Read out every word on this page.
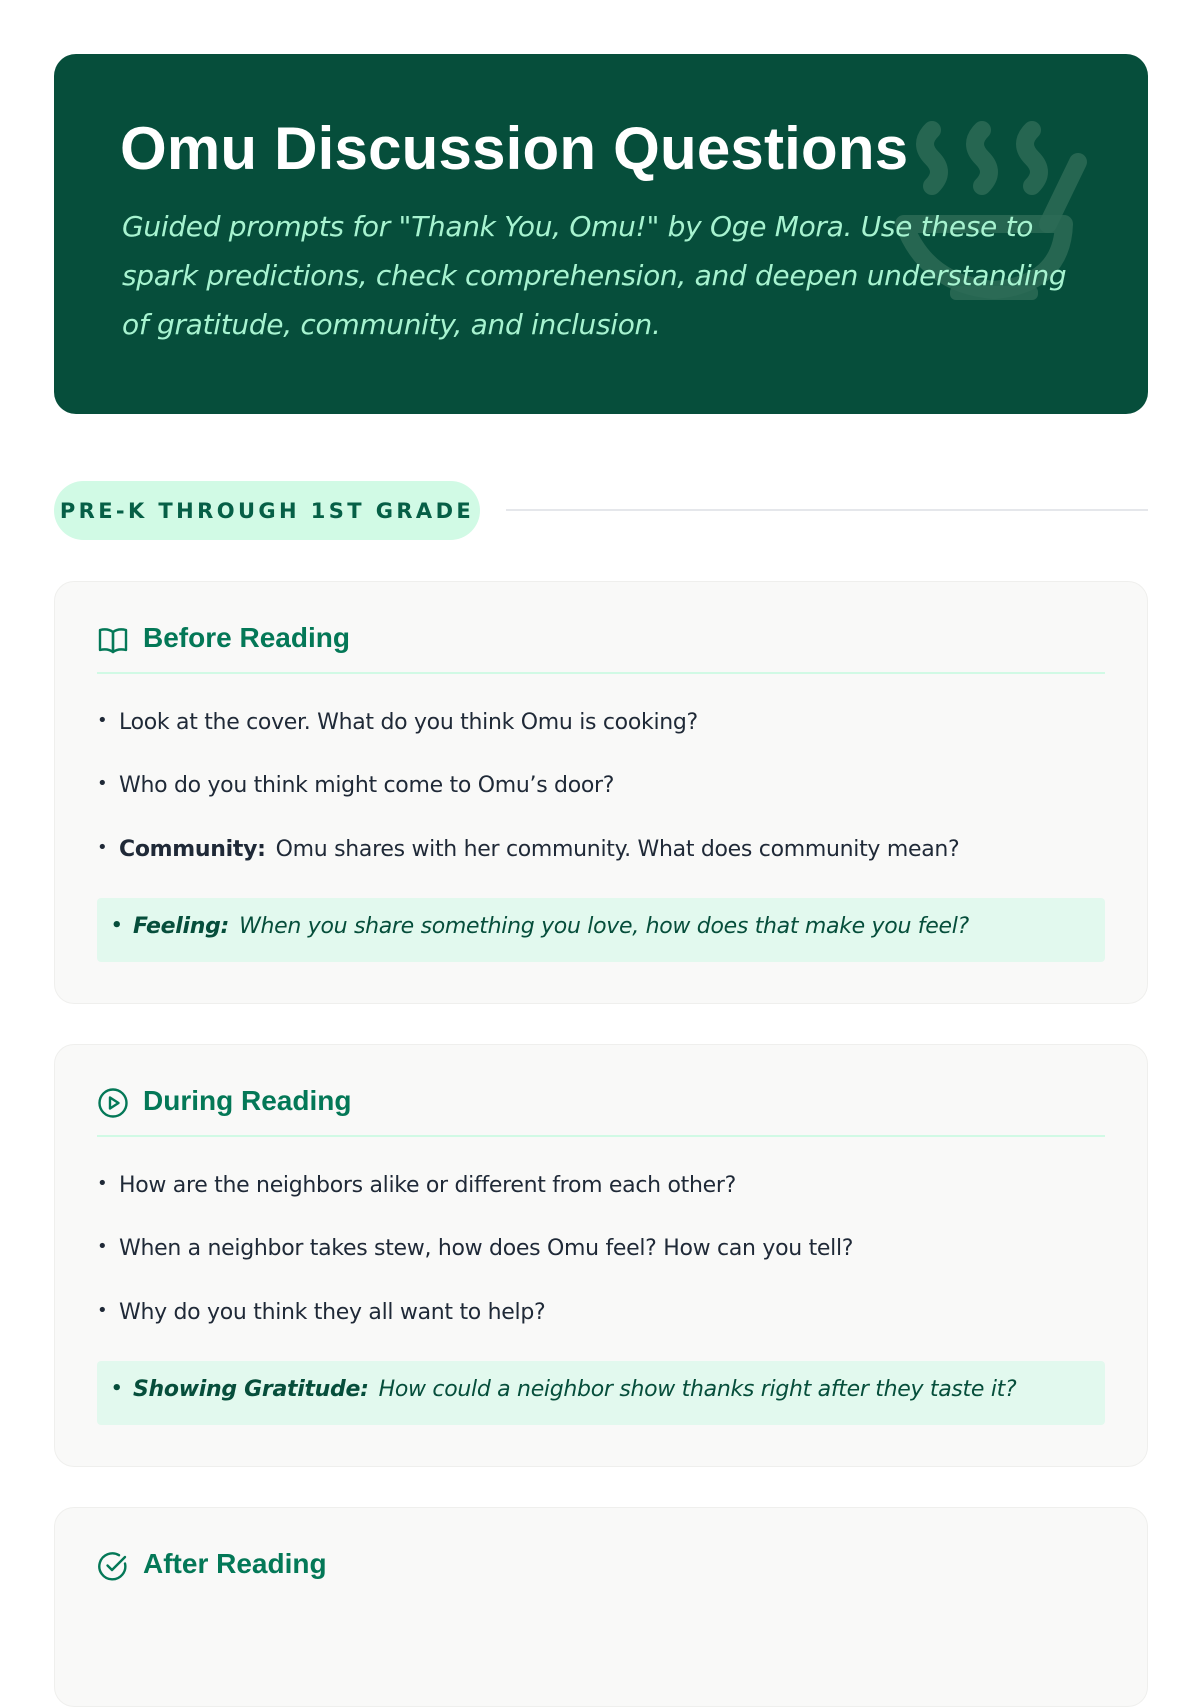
Omu Discussion Questions

Guided prompts for "Thank You, Omu!" by Oge Mora. Use these to spark predictions, check comprehension, and deepen understanding of gratitude, community, and inclusion.

PRE-K THROUGH 1ST GRADE
Before Reading
• Look at the cover. What do you think Omu is cooking?
• Who do you think might come to Omu’s door?
• Community: Omu shares with her community. What does community mean?
• Feeling: When you share something you love, how does that make you feel?
During Reading
• How are the neighbors alike or different from each other?
• When a neighbor takes stew, how does Omu feel? How can you tell?
• Why do you think they all want to help?
• Showing Gratitude: How could a neighbor show thanks right after they taste it?
After Reading
